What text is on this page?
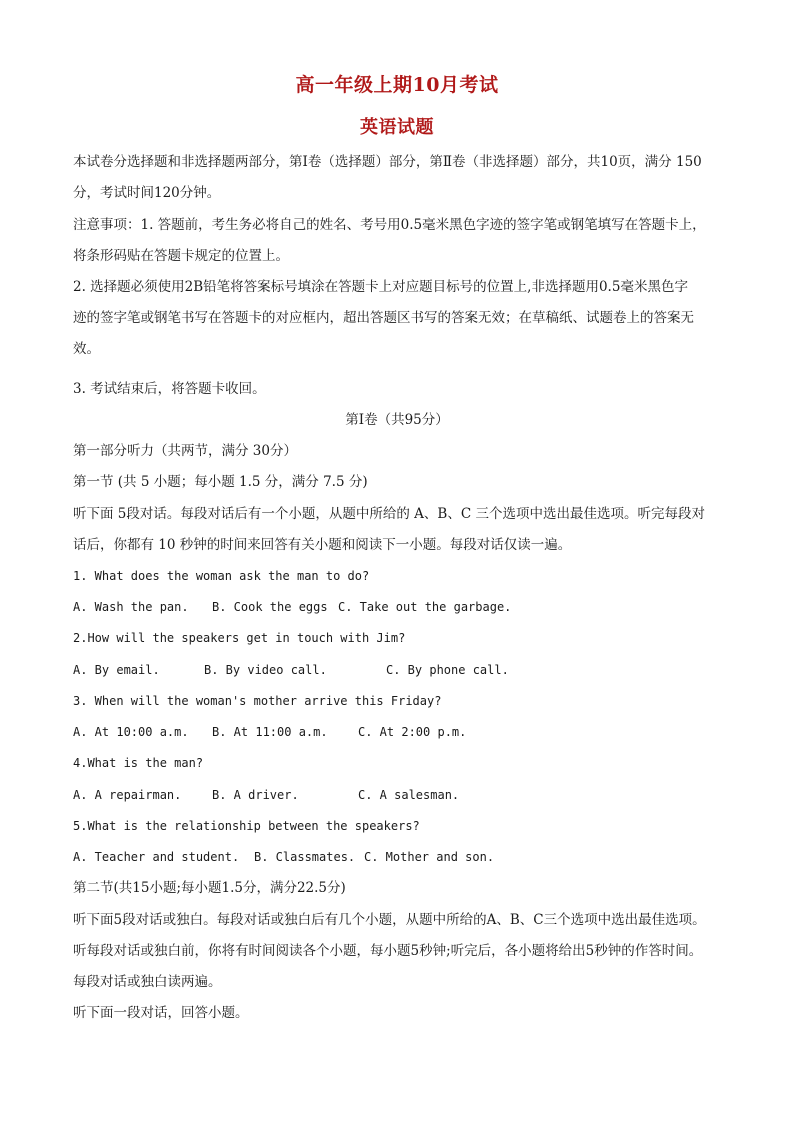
高一年级上期10月考试
英语试题
本试卷分选择题和非选择题两部分，第Ⅰ卷（选择题）部分，第Ⅱ卷（非选择题）部分，共10页，满分 150
分，考试时间120分钟。
注意事项：1. 答题前，考生务必将自己的姓名、考号用0.5毫米黑色字迹的签字笔或钢笔填写在答题卡上，
将条形码贴在答题卡规定的位置上。
2. 选择题必须使用2B铅笔将答案标号填涂在答题卡上对应题目标号的位置上,非选择题用0.5毫米黑色字
迹的签字笔或钢笔书写在答题卡的对应框内，超出答题区书写的答案无效；在草稿纸、试题卷上的答案无
效。
3. 考试结束后，将答题卡收回。
第Ⅰ卷（共95分）
第一部分听力（共两节，满分 30分）
第一节 (共 5 小题；每小题 1.5 分，满分 7.5 分)
听下面 5段对话。每段对话后有一个小题，从题中所给的 A、B、C 三个选项中选出最佳选项。听完每段对
话后，你都有 10 秒钟的时间来回答有关小题和阅读下一小题。每段对话仅读一遍。
1. What does the woman ask the man to do?
A. Wash the pan. B. Cook the eggs C. Take out the garbage.
2.How will the speakers get in touch with Jim?
A. By email.	B. By video call.	C. By phone call.
3. When will the woman's mother arrive this Friday?
A. At 10:00 a.m. B. At 11:00 a.m.	C. At 2:00 p.m.
4.What is the man?
A. A repairman.	B. A driver.	C. A salesman.
5.What is the relationship between the speakers?
A. Teacher and student. B. Classmates. C. Mother and son.
第二节(共15小题;每小题1.5分，满分22.5分)
听下面5段对话或独白。每段对话或独白后有几个小题，从题中所给的A、B、C三个选项中选出最佳选项。
听每段对话或独白前，你将有时间阅读各个小题，每小题5秒钟;听完后，各小题将给出5秒钟的作答时间。
每段对话或独白读两遍。
听下面一段对话，回答小题。
